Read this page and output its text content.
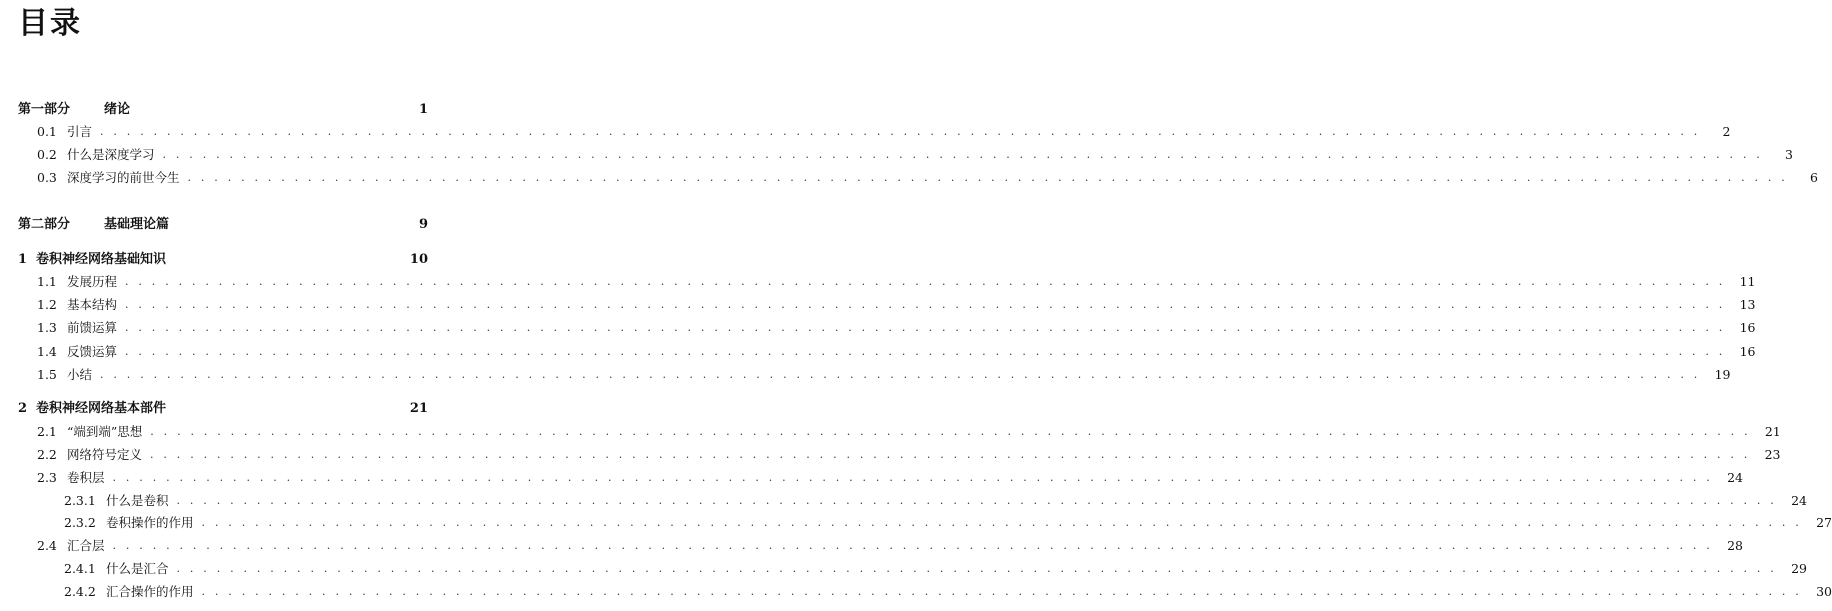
目录
第一部分	绪论	1
0.1 引言 . . . . . . . . . . . . . . . . . . . . . . . . . . . . . . . . . . . . . . . . . . . . . . . . . . . . . . . . . . . . . . . . . . . . . . . . . . . . . . . . . . . . . . . . . . . . . . . . . . . . . . . . . . . . . . . . . . . . . . . .	2
0.2 什么是深度学习 . . . . . . . . . . . . . . . . . . . . . . . . . . . . . . . . . . . . . . . . . . . . . . . . . . . . . . . . . . . . . . . . . . . . . . . . . . . . . . . . . . . . . . . . . . . . . . . . . . . . . . . . . . . . . . . . . . . . . . . .	3
0.3 深度学习的前世今生 . . . . . . . . . . . . . . . . . . . . . . . . . . . . . . . . . . . . . . . . . . . . . . . . . . . . . . . . . . . . . . . . . . . . . . . . . . . . . . . . . . . . . . . . . . . . . . . . . . . . . . . . . . . . . . . . . . . . . . . .	6
第二部分	基础理论篇	9
1 卷积神经网络基础知识	10
1.1 发展历程 . . . . . . . . . . . . . . . . . . . . . . . . . . . . . . . . . . . . . . . . . . . . . . . . . . . . . . . . . . . . . . . . . . . . . . . . . . . . . . . . . . . . . . . . . . . . . . . . . . . . . . . . . . . . . . . . . . . . . . . .	11
1.2 基本结构 . . . . . . . . . . . . . . . . . . . . . . . . . . . . . . . . . . . . . . . . . . . . . . . . . . . . . . . . . . . . . . . . . . . . . . . . . . . . . . . . . . . . . . . . . . . . . . . . . . . . . . . . . . . . . . . . . . . . . . . .	13
1.3 前馈运算 . . . . . . . . . . . . . . . . . . . . . . . . . . . . . . . . . . . . . . . . . . . . . . . . . . . . . . . . . . . . . . . . . . . . . . . . . . . . . . . . . . . . . . . . . . . . . . . . . . . . . . . . . . . . . . . . . . . . . . . .	16
1.4 反馈运算 . . . . . . . . . . . . . . . . . . . . . . . . . . . . . . . . . . . . . . . . . . . . . . . . . . . . . . . . . . . . . . . . . . . . . . . . . . . . . . . . . . . . . . . . . . . . . . . . . . . . . . . . . . . . . . . . . . . . . . . .	16
1.5 小结 . . . . . . . . . . . . . . . . . . . . . . . . . . . . . . . . . . . . . . . . . . . . . . . . . . . . . . . . . . . . . . . . . . . . . . . . . . . . . . . . . . . . . . . . . . . . . . . . . . . . . . . . . . . . . . . . . . . . . . . .	19
2 卷积神经网络基本部件	21
2.1 “端到端”思想 . . . . . . . . . . . . . . . . . . . . . . . . . . . . . . . . . . . . . . . . . . . . . . . . . . . . . . . . . . . . . . . . . . . . . . . . . . . . . . . . . . . . . . . . . . . . . . . . . . . . . . . . . . . . . . . . . . . . . . . .	21
2.2 网络符号定义 . . . . . . . . . . . . . . . . . . . . . . . . . . . . . . . . . . . . . . . . . . . . . . . . . . . . . . . . . . . . . . . . . . . . . . . . . . . . . . . . . . . . . . . . . . . . . . . . . . . . . . . . . . . . . . . . . . . . . . . .	23
2.3 卷积层 . . . . . . . . . . . . . . . . . . . . . . . . . . . . . . . . . . . . . . . . . . . . . . . . . . . . . . . . . . . . . . . . . . . . . . . . . . . . . . . . . . . . . . . . . . . . . . . . . . . . . . . . . . . . . . . . . . . . . . . .	24
2.3.1 什么是卷积 . . . . . . . . . . . . . . . . . . . . . . . . . . . . . . . . . . . . . . . . . . . . . . . . . . . . . . . . . . . . . . . . . . . . . . . . . . . . . . . . . . . . . . . . . . . . . . . . . . . . . . . . . . . . . . . . . . . . . . . .	24
2.3.2 卷积操作的作用 . . . . . . . . . . . . . . . . . . . . . . . . . . . . . . . . . . . . . . . . . . . . . . . . . . . . . . . . . . . . . . . . . . . . . . . . . . . . . . . . . . . . . . . . . . . . . . . . . . . . . . . . . . . . . . . . . . . . . . . .	27
2.4 汇合层 . . . . . . . . . . . . . . . . . . . . . . . . . . . . . . . . . . . . . . . . . . . . . . . . . . . . . . . . . . . . . . . . . . . . . . . . . . . . . . . . . . . . . . . . . . . . . . . . . . . . . . . . . . . . . . . . . . . . . . . .	28
2.4.1 什么是汇合 . . . . . . . . . . . . . . . . . . . . . . . . . . . . . . . . . . . . . . . . . . . . . . . . . . . . . . . . . . . . . . . . . . . . . . . . . . . . . . . . . . . . . . . . . . . . . . . . . . . . . . . . . . . . . . . . . . . . . . . .	29
2.4.2 汇合操作的作用 . . . . . . . . . . . . . . . . . . . . . . . . . . . . . . . . . . . . . . . . . . . . . . . . . . . . . . . . . . . . . . . . . . . . . . . . . . . . . . . . . . . . . . . . . . . . . . . . . . . . . . . . . . . . . . . . . . . . . . . .	30
